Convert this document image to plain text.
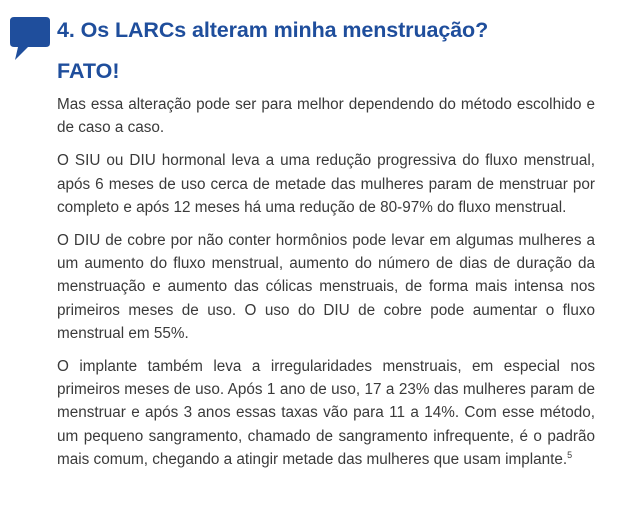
4. Os LARCs alteram minha menstruação?
FATO!

Mas essa alteração pode ser para melhor dependendo do método escolhido e de caso a caso.

O SIU ou DIU hormonal leva a uma redução progressiva do fluxo menstrual, após 6 meses de uso cerca de metade das mulheres param de menstruar por completo e após 12 meses há uma redução de 80-97% do fluxo menstrual.

O DIU de cobre por não conter hormônios pode levar em algumas mulheres a um aumento do fluxo menstrual, aumento do número de dias de duração da menstruação e aumento das cólicas menstruais, de forma mais intensa nos primeiros meses de uso. O uso do DIU de cobre pode aumentar o fluxo menstrual em 55%.

O implante também leva a irregularidades menstruais, em especial nos primeiros meses de uso. Após 1 ano de uso, 17 a 23% das mulheres param de menstruar e após 3 anos essas taxas vão para 11 a 14%. Com esse método, um pequeno sangramento, chamado de sangramento infrequente, é o padrão mais comum, chegando a atingir metade das mulheres que usam implante.$^5$
